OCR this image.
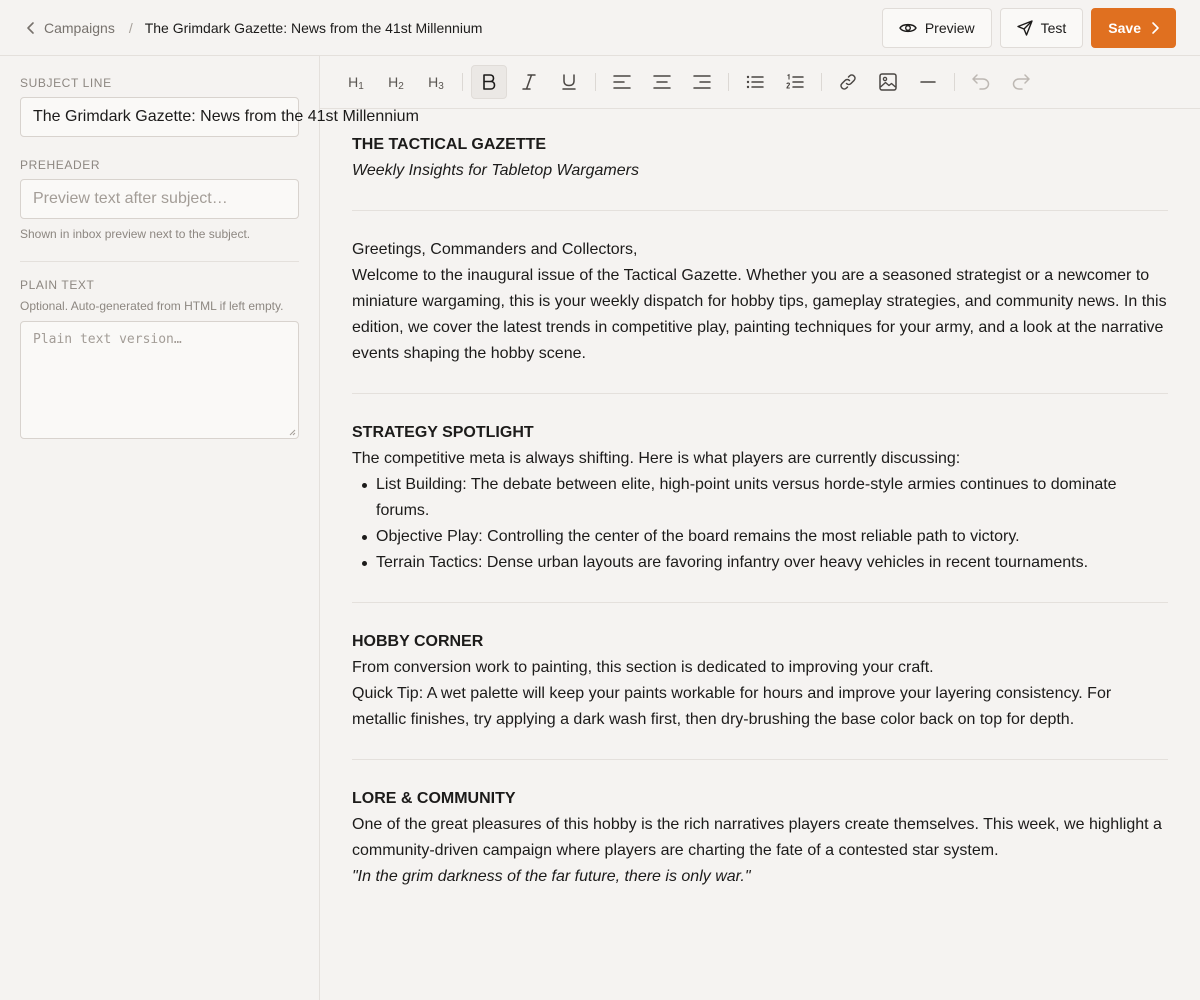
Campaigns / The Grimdark Gazette: News from the 41st Millennium	Preview	Test	Save
SUBJECT LINE
The Grimdark Gazette: News from the 41st Millennium
PREHEADER
Preview text after subject…
Shown in inbox preview next to the subject.
PLAIN TEXT
Optional. Auto-generated from HTML if left empty.
Plain text version…
$H_1$ $H_2$ $H_3$
THE TACTICAL GAZETTE
Weekly Insights for Tabletop Wargamers
Greetings, Commanders and Collectors,
Welcome to the inaugural issue of the Tactical Gazette. Whether you are a seasoned strategist or a newcomer to miniature wargaming, this is your weekly dispatch for hobby tips, gameplay strategies, and community news. In this edition, we cover the latest trends in competitive play, painting techniques for your army, and a look at the narrative events shaping the hobby scene.
STRATEGY SPOTLIGHT
The competitive meta is always shifting. Here is what players are currently discussing:
List Building: The debate between elite, high-point units versus horde-style armies continues to dominate forums.
Objective Play: Controlling the center of the board remains the most reliable path to victory.
Terrain Tactics: Dense urban layouts are favoring infantry over heavy vehicles in recent tournaments.
HOBBY CORNER
From conversion work to painting, this section is dedicated to improving your craft.
Quick Tip: A wet palette will keep your paints workable for hours and improve your layering consistency. For metallic finishes, try applying a dark wash first, then dry-brushing the base color back on top for depth.
LORE & COMMUNITY
One of the great pleasures of this hobby is the rich narratives players create themselves. This week, we highlight a community-driven campaign where players are charting the fate of a contested star system.
"In the grim darkness of the far future, there is only war."
